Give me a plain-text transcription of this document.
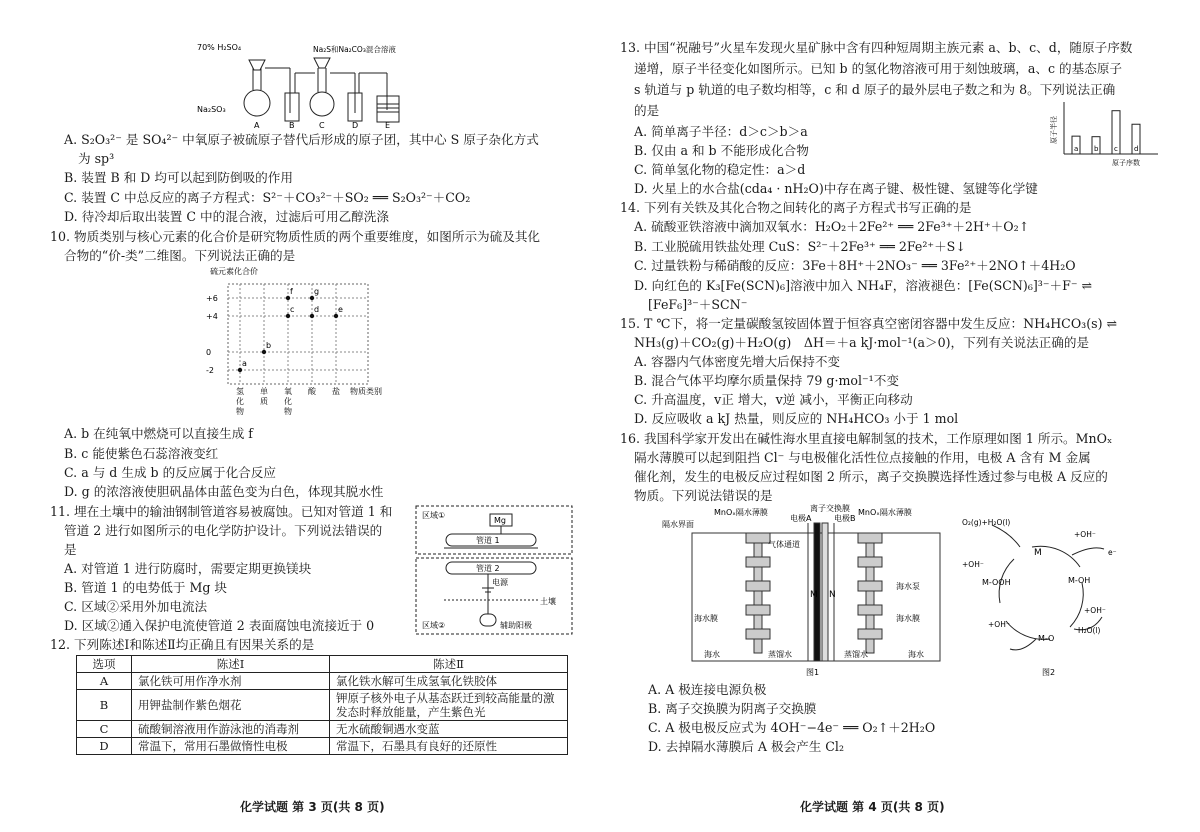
70% H₂SO₄
Na₂SO₃
Na₂S和Na₂CO₃混合溶液
A	B	C	D	E
A. S₂O₃²⁻ 是 SO₄²⁻ 中氧原子被硫原子替代后形成的原子团，其中心 S 原子杂化方式
为 sp³
B. 装置 B 和 D 均可以起到防倒吸的作用
C. 装置 C 中总反应的离子方程式：S²⁻＋CO₃²⁻＋SO₂ ══ S₂O₃²⁻＋CO₂
D. 待冷却后取出装置 C 中的混合液，过滤后可用乙醇洗涤
10. 物质类别与核心元素的化合价是研究物质性质的两个重要维度，如图所示为硫及其化
合物的“价-类”二维图。下列说法正确的是
硫元素化合价
+6
+4
0
-2
氢
化
物
单
质
氧
化
物
酸 盐 物质类别
a
b
c d e
f	g
A. b 在纯氧中燃烧可以直接生成 f
B. c 能使紫色石蕊溶液变红
C. a 与 d 生成 b 的反应属于化合反应
D. g 的浓溶液使胆矾晶体由蓝色变为白色，体现其脱水性
11. 埋在土壤中的输油钢制管道容易被腐蚀。已知对管道 1 和
管道 2 进行如图所示的电化学防护设计。下列说法错误的
是
A. 对管道 1 进行防腐时，需要定期更换镁块
B. 管道 1 的电势低于 Mg 块
C. 区域②采用外加电流法
D. 区域②通入保护电流使管道 2 表面腐蚀电流接近于 0
区域①
Mg
管道 1
管道 2
电源
土壤
区域②	辅助阳极
12. 下列陈述Ⅰ和陈述Ⅱ均正确且有因果关系的是
选项	陈述Ⅰ	陈述Ⅱ
A	氯化铁可用作净水剂	氯化铁水解可生成氢氧化铁胶体
B	用钾盐制作紫色烟花	钾原子核外电子从基态跃迁到较高能量的激发态时释放能量，产生紫色光
C	硫酸铜溶液用作游泳池的消毒剂	无水硫酸铜遇水变蓝
D	常温下，常用石墨做惰性电极	常温下，石墨具有良好的还原性
化学试题 第 3 页(共 8 页)
13. 中国“祝融号”火星车发现火星矿脉中含有四种短周期主族元素 a、b、c、d，随原子序数
递增，原子半径变化如图所示。已知 b 的氢化物溶液可用于刻蚀玻璃，a、c 的基态原子
s 轨道与 p 轨道的电子数均相等，c 和 d 原子的最外层电子数之和为 8。下列说法正确
的是
A. 简单离子半径：d＞c＞b＞a
B. 仅由 a 和 b 不能形成化合物
C. 简单氢化物的稳定性：a＞d
D. 火星上的水合盐(cda₄ · nH₂O)中存在离子键、极性键、氢键等化学键
原子半径
a b c d
原子序数
14. 下列有关铁及其化合物之间转化的离子方程式书写正确的是
A. 硫酸亚铁溶液中滴加双氧水：H₂O₂＋2Fe²⁺ ══ 2Fe³⁺＋2H⁺＋O₂↑
B. 工业脱硫用铁盐处理 CuS：S²⁻＋2Fe³⁺ ══ 2Fe²⁺＋S↓
C. 过量铁粉与稀硝酸的反应：3Fe＋8H⁺＋2NO₃⁻ ══ 3Fe²⁺＋2NO↑＋4H₂O
D. 向红色的 K₃[Fe(SCN)₆]溶液中加入 NH₄F，溶液褪色：[Fe(SCN)₆]³⁻＋F⁻ ⇌
[FeF₆]³⁻＋SCN⁻
15. T ℃下，将一定量碳酸氢铵固体置于恒容真空密闭容器中发生反应：NH₄HCO₃(s) ⇌
NH₃(g)＋CO₂(g)＋H₂O(g)　ΔH＝＋a kJ·mol⁻¹(a＞0)，下列有关说法正确的是
A. 容器内气体密度先增大后保持不变
B. 混合气体平均摩尔质量保持 79 g·mol⁻¹不变
C. 升高温度，v正 增大，v逆 减小，平衡正向移动
D. 反应吸收 a kJ 热量，则反应的 NH₄HCO₃ 小于 1 mol
16. 我国科学家开发出在碱性海水里直接电解制氢的技术，工作原理如图 1 所示。MnOₓ
隔水薄膜可以起到阻挡 Cl⁻ 与电极催化活性位点接触的作用，电极 A 含有 M 金属
催化剂，发生的电极反应过程如图 2 所示，离子交换膜选择性透过参与电极 A 反应的
物质。下列说法错误的是
隔水界面
MnOₓ隔水薄膜
电极A
离子交换膜
电极B
MnOₓ隔水薄膜
气体通道
M N
海水泵
海水膜	海水膜
海水	蒸馏水	蒸馏水	海水
图1
O₂(g)+H₂O(l)
M
+OH⁻
e⁻
+OH⁻
M-OOH	M-OH
M-O
+OH⁻
+OH⁻
H₂O(l)
图2
A. A 极连接电源负极
B. 离子交换膜为阴离子交换膜
C. A 极电极反应式为 4OH⁻−4e⁻ ══ O₂↑＋2H₂O
D. 去掉隔水薄膜后 A 极会产生 Cl₂
化学试题 第 4 页(共 8 页)
